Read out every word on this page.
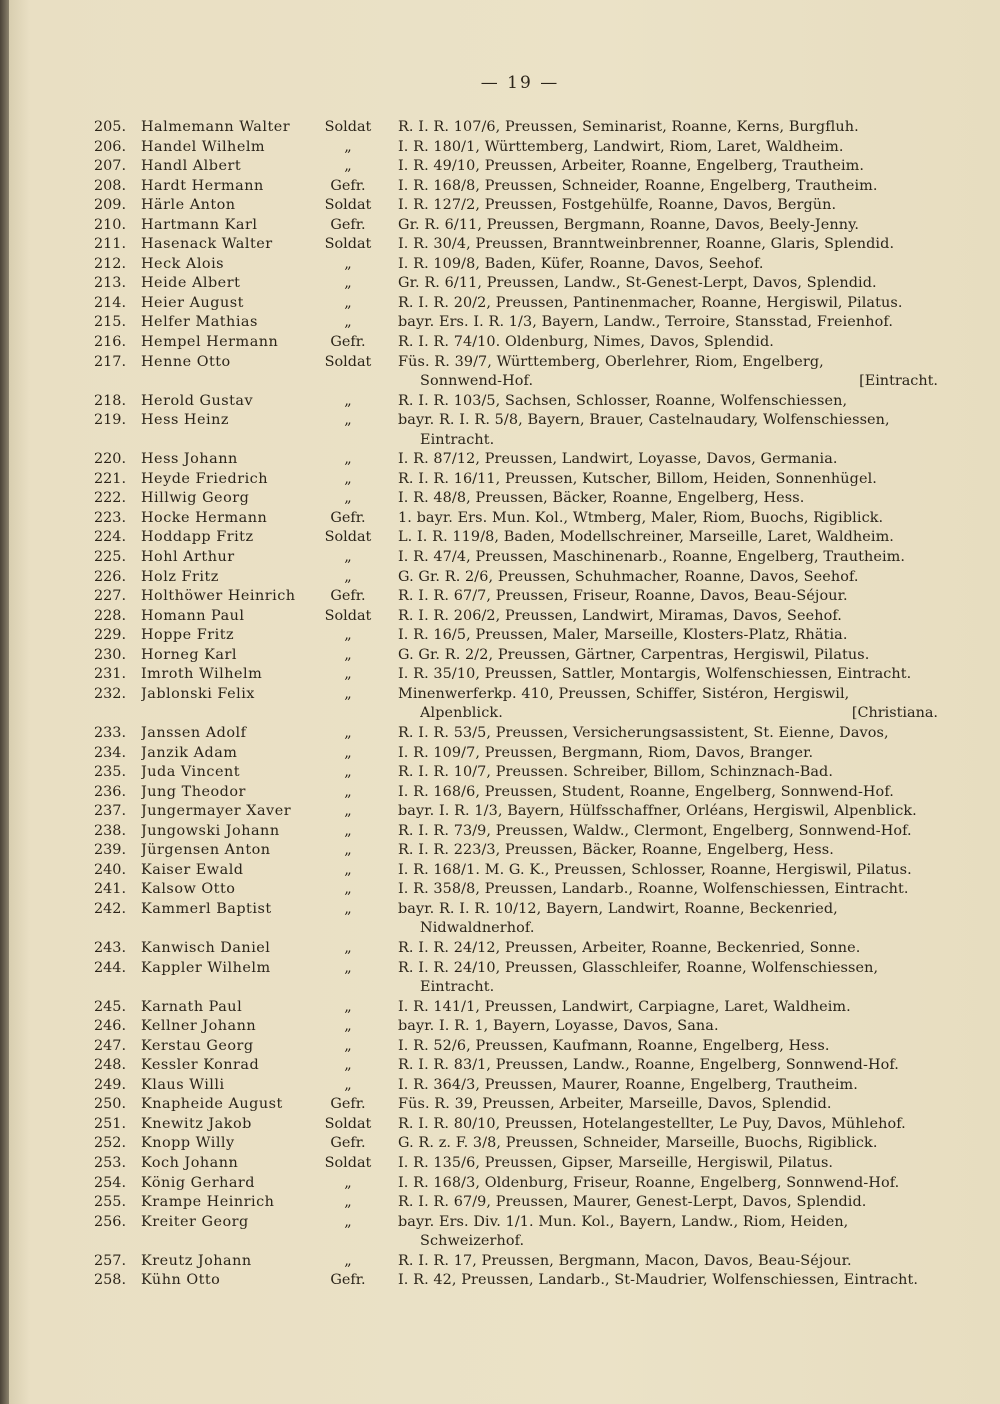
— 19 —
205.	Halmemann Walter	Soldat	R. I. R. 107/6, Preussen, Seminarist, Roanne, Kerns, Burgfluh.
206.	Handel Wilhelm	„	I. R. 180/1, Württemberg, Landwirt, Riom, Laret, Waldheim.
207.	Handl Albert	„	I. R. 49/10, Preussen, Arbeiter, Roanne, Engelberg, Trautheim.
208.	Hardt Hermann	Gefr.	I. R. 168/8, Preussen, Schneider, Roanne, Engelberg, Trautheim.
209.	Härle Anton	Soldat	I. R. 127/2, Preussen, Fostgehülfe, Roanne, Davos, Bergün.
210.	Hartmann Karl	Gefr.	Gr. R. 6/11, Preussen, Bergmann, Roanne, Davos, Beely-Jenny.
211.	Hasenack Walter	Soldat	I. R. 30/4, Preussen, Branntweinbrenner, Roanne, Glaris, Splendid.
212.	Heck Alois	„	I. R. 109/8, Baden, Küfer, Roanne, Davos, Seehof.
213.	Heide Albert	„	Gr. R. 6/11, Preussen, Landw., St-Genest-Lerpt, Davos, Splendid.
214.	Heier August	„	R. I. R. 20/2, Preussen, Pantinenmacher, Roanne, Hergiswil, Pilatus.
215.	Helfer Mathias	„	bayr. Ers. I. R. 1/3, Bayern, Landw., Terroire, Stansstad, Freienhof.
216.	Hempel Hermann	Gefr.	R. I. R. 74/10. Oldenburg, Nimes, Davos, Splendid.
217.	Henne Otto	Soldat	Füs. R. 39/7, Württemberg, Oberlehrer, Riom, Engelberg,
Sonnwend-Hof.	[Eintracht.
218.	Herold Gustav	„	R. I. R. 103/5, Sachsen, Schlosser, Roanne, Wolfenschiessen,
219.	Hess Heinz	„	bayr. R. I. R. 5/8, Bayern, Brauer, Castelnaudary, Wolfenschiessen,
Eintracht.
220.	Hess Johann	„	I. R. 87/12, Preussen, Landwirt, Loyasse, Davos, Germania.
221.	Heyde Friedrich	„	R. I. R. 16/11, Preussen, Kutscher, Billom, Heiden, Sonnenhügel.
222.	Hillwig Georg	„	I. R. 48/8, Preussen, Bäcker, Roanne, Engelberg, Hess.
223.	Hocke Hermann	Gefr.	1. bayr. Ers. Mun. Kol., Wtmberg, Maler, Riom, Buochs, Rigiblick.
224.	Hoddapp Fritz	Soldat	L. I. R. 119/8, Baden, Modellschreiner, Marseille, Laret, Waldheim.
225.	Hohl Arthur	„	I. R. 47/4, Preussen, Maschinenarb., Roanne, Engelberg, Trautheim.
226.	Holz Fritz	„	G. Gr. R. 2/6, Preussen, Schuhmacher, Roanne, Davos, Seehof.
227.	Holthöwer Heinrich	Gefr.	R. I. R. 67/7, Preussen, Friseur, Roanne, Davos, Beau-Séjour.
228.	Homann Paul	Soldat	R. I. R. 206/2, Preussen, Landwirt, Miramas, Davos, Seehof.
229.	Hoppe Fritz	„	I. R. 16/5, Preussen, Maler, Marseille, Klosters-Platz, Rhätia.
230.	Horneg Karl	„	G. Gr. R. 2/2, Preussen, Gärtner, Carpentras, Hergiswil, Pilatus.
231.	Imroth Wilhelm	„	I. R. 35/10, Preussen, Sattler, Montargis, Wolfenschiessen, Eintracht.
232.	Jablonski Felix	„	Minenwerferkp. 410, Preussen, Schiffer, Sistéron, Hergiswil,
Alpenblick.	[Christiana.
233.	Janssen Adolf	„	R. I. R. 53/5, Preussen, Versicherungsassistent, St. Eienne, Davos,
234.	Janzik Adam	„	I. R. 109/7, Preussen, Bergmann, Riom, Davos, Branger.
235.	Juda Vincent	„	R. I. R. 10/7, Preussen. Schreiber, Billom, Schinznach-Bad.
236.	Jung Theodor	„	I. R. 168/6, Preussen, Student, Roanne, Engelberg, Sonnwend-Hof.
237.	Jungermayer Xaver	„	bayr. I. R. 1/3, Bayern, Hülfsschaffner, Orléans, Hergiswil, Alpenblick.
238.	Jungowski Johann	„	R. I. R. 73/9, Preussen, Waldw., Clermont, Engelberg, Sonnwend-Hof.
239.	Jürgensen Anton	„	R. I. R. 223/3, Preussen, Bäcker, Roanne, Engelberg, Hess.
240.	Kaiser Ewald	„	I. R. 168/1. M. G. K., Preussen, Schlosser, Roanne, Hergiswil, Pilatus.
241.	Kalsow Otto	„	I. R. 358/8, Preussen, Landarb., Roanne, Wolfenschiessen, Eintracht.
242.	Kammerl Baptist	„	bayr. R. I. R. 10/12, Bayern, Landwirt, Roanne, Beckenried,
Nidwaldnerhof.
243.	Kanwisch Daniel	„	R. I. R. 24/12, Preussen, Arbeiter, Roanne, Beckenried, Sonne.
244.	Kappler Wilhelm	„	R. I. R. 24/10, Preussen, Glasschleifer, Roanne, Wolfenschiessen,
Eintracht.
245.	Karnath Paul	„	I. R. 141/1, Preussen, Landwirt, Carpiagne, Laret, Waldheim.
246.	Kellner Johann	„	bayr. I. R. 1, Bayern, Loyasse, Davos, Sana.
247.	Kerstau Georg	„	I. R. 52/6, Preussen, Kaufmann, Roanne, Engelberg, Hess.
248.	Kessler Konrad	„	R. I. R. 83/1, Preussen, Landw., Roanne, Engelberg, Sonnwend-Hof.
249.	Klaus Willi	„	I. R. 364/3, Preussen, Maurer, Roanne, Engelberg, Trautheim.
250.	Knapheide August	Gefr.	Füs. R. 39, Preussen, Arbeiter, Marseille, Davos, Splendid.
251.	Knewitz Jakob	Soldat	R. I. R. 80/10, Preussen, Hotelangestellter, Le Puy, Davos, Mühlehof.
252.	Knopp Willy	Gefr.	G. R. z. F. 3/8, Preussen, Schneider, Marseille, Buochs, Rigiblick.
253.	Koch Johann	Soldat	I. R. 135/6, Preussen, Gipser, Marseille, Hergiswil, Pilatus.
254.	König Gerhard	„	I. R. 168/3, Oldenburg, Friseur, Roanne, Engelberg, Sonnwend-Hof.
255.	Krampe Heinrich	„	R. I. R. 67/9, Preussen, Maurer, Genest-Lerpt, Davos, Splendid.
256.	Kreiter Georg	„	bayr. Ers. Div. 1/1. Mun. Kol., Bayern, Landw., Riom, Heiden,
Schweizerhof.
257.	Kreutz Johann	„	R. I. R. 17, Preussen, Bergmann, Macon, Davos, Beau-Séjour.
258.	Kühn Otto	Gefr.	I. R. 42, Preussen, Landarb., St-Maudrier, Wolfenschiessen, Eintracht.
